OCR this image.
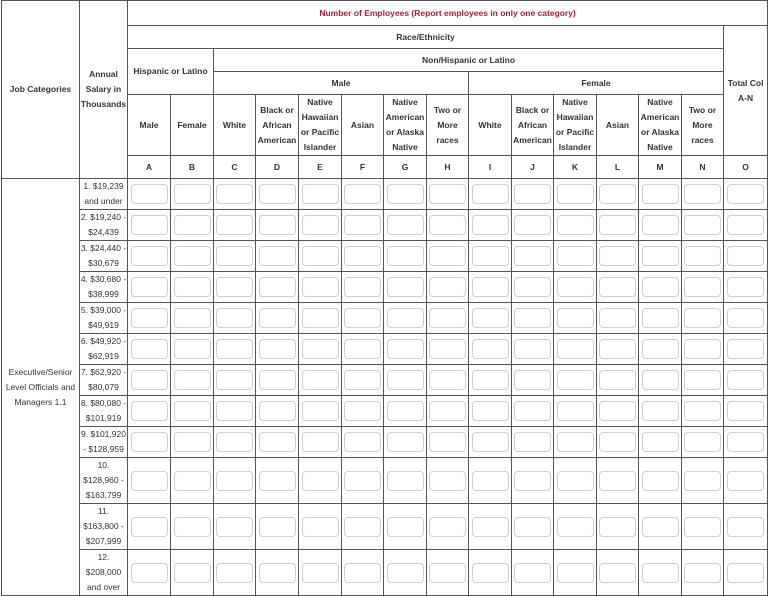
Job Categories	Annual Salary in Thousands	Number of Employees (Report employees in only one category)														
		Race/Ethnicity														Total Col A-N
		Hispanic or Latino		Non/Hispanic or Latino												
				Male						Female						
		Male	Female	White	Black or African American	Native Hawaiian or Pacific Islander	Asian	Native American or Alaska Native	Two or More races	White	Black or African American	Native Hawaiian or Pacific Islander	Asian	Native American or Alaska Native	Two or More races	
		A	B	C	D	E	F	G	H	I	J	K	L	M	N	O
Executive/Senior Level Officials and Managers 1.1	1. $19,239 and under	

	2. $19,240 - $24,439	

	3. $24,440 - $30,679	

	4. $30,680 - $38,999	

	5. $39,000 - $49,919	

	6. $49,920 - $62,919	

	7. $62,920 - $80,079	

	8. $80,080 - $101,919	

	9. $101,920 - $128,959	

	10. $128,960 - $163,799	

	11. $163,800 - $207,999	

	12. $208,000 and over	
